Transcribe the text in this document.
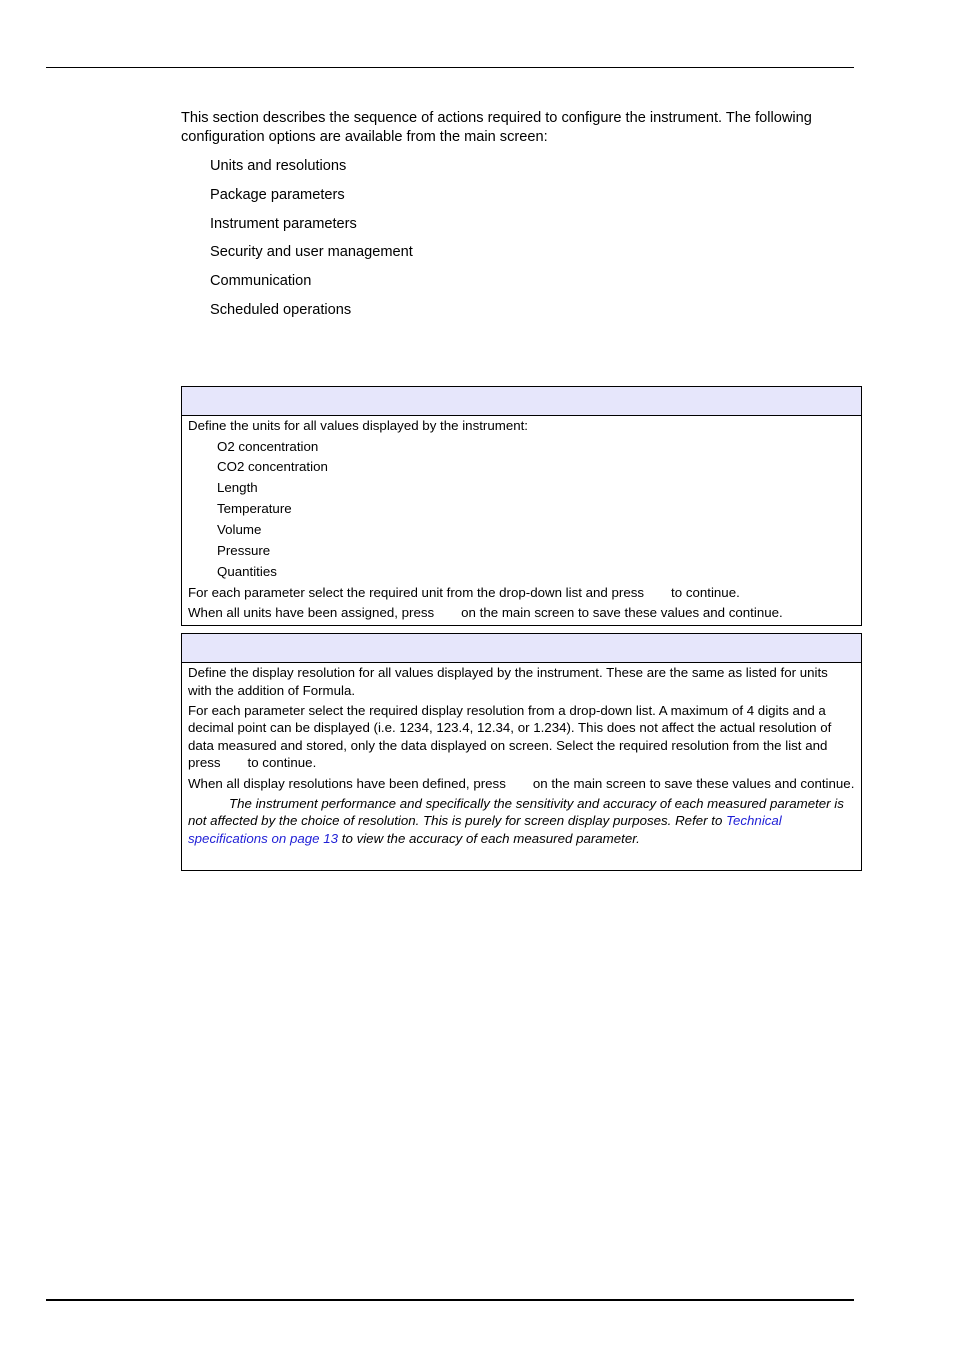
This section describes the sequence of actions required to configure the instrument. The following configuration options are available from the main screen:

Units and resolutions
Package parameters
Instrument parameters
Security and user management
Communication
Scheduled operations
Define the units for all values displayed by the instrument:
O2 concentration
CO2 concentration
Length
Temperature
Volume
Pressure
Quantities
For each parameter select the required unit from the drop-down list and press to continue.
When all units have been assigned, press on the main screen to save these values and continue.

Define the display resolution for all values displayed by the instrument. These are the same as listed for units with the addition of Formula.

For each parameter select the required display resolution from a drop-down list. A maximum of 4 digits and a decimal point can be displayed (i.e. 1234, 123.4, 12.34, or 1.234). This does not affect the actual resolution of data measured and stored, only the data displayed on screen. Select the required resolution from the list and press to continue.

When all display resolutions have been defined, press on the main screen to save these values and continue.

The instrument performance and specifically the sensitivity and accuracy of each measured parameter is not affected by the choice of resolution. This is purely for screen display purposes. Refer to Technical specifications on page 13 to view the accuracy of each measured parameter.
